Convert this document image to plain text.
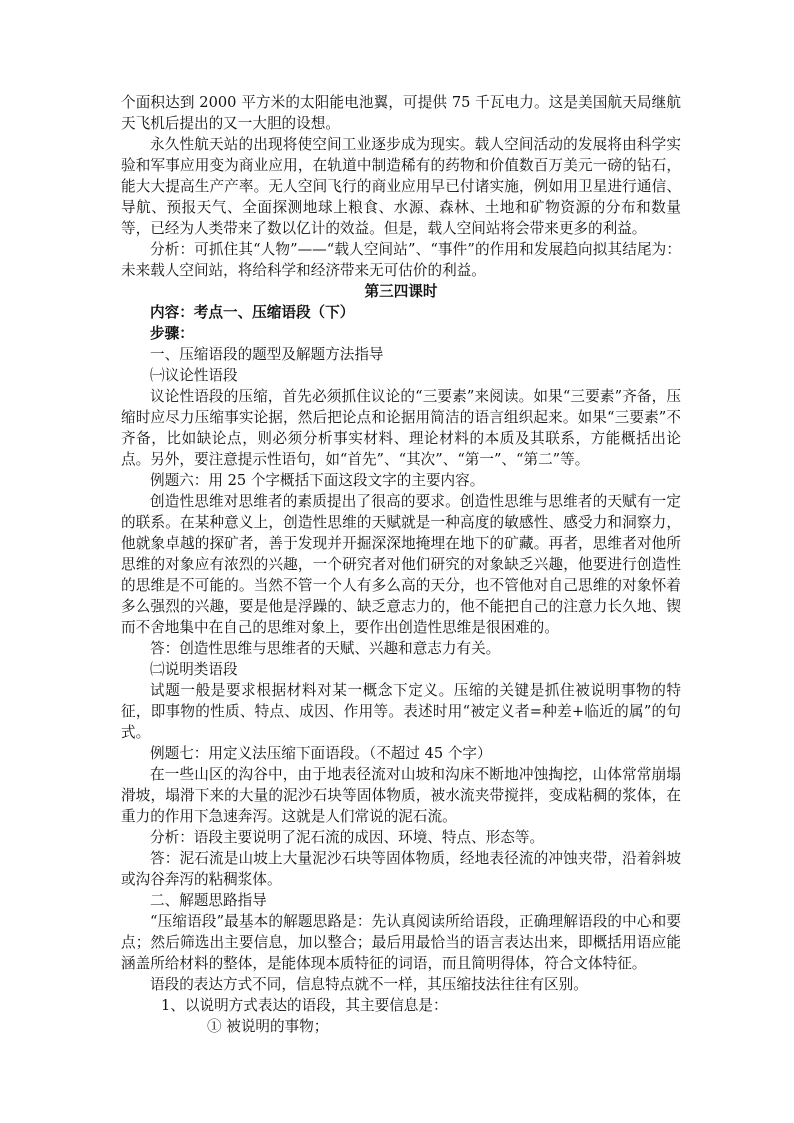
个面积达到 2000 平方米的太阳能电池翼，可提供 75 千瓦电力。这是美国航天局继航天飞机后提出的又一大胆的设想。

永久性航天站的出现将使空间工业逐步成为现实。载人空间活动的发展将由科学实验和军事应用变为商业应用，在轨道中制造稀有的药物和价值数百万美元一磅的钻石，能大大提高生产产率。无人空间飞行的商业应用早已付诸实施，例如用卫星进行通信、导航、预报天气、全面探测地球上粮食、水源、森林、土地和矿物资源的分布和数量等，已经为人类带来了数以亿计的效益。但是，载人空间站将会带来更多的利益。

分析：可抓住其“人物”——“载人空间站”、“事件”的作用和发展趋向拟其结尾为：未来载人空间站，将给科学和经济带来无可估价的利益。

第三四课时

内容：考点一、压缩语段（下）

步骤：

一、压缩语段的题型及解题方法指导

㈠议论性语段

议论性语段的压缩，首先必须抓住议论的“三要素”来阅读。如果“三要素”齐备，压缩时应尽力压缩事实论据，然后把论点和论据用简洁的语言组织起来。如果“三要素”不齐备，比如缺论点，则必须分析事实材料、理论材料的本质及其联系，方能概括出论点。另外，要注意提示性语句，如“首先”、“其次”、“第一”、“第二”等。

例题六：用 25 个字概括下面这段文字的主要内容。

创造性思维对思维者的素质提出了很高的要求。创造性思维与思维者的天赋有一定的联系。在某种意义上，创造性思维的天赋就是一种高度的敏感性、感受力和洞察力，他就象卓越的探矿者，善于发现并开掘深深地掩埋在地下的矿藏。再者，思维者对他所思维的对象应有浓烈的兴趣，一个研究者对他们研究的对象缺乏兴趣，他要进行创造性的思维是不可能的。当然不管一个人有多么高的天分，也不管他对自己思维的对象怀着多么强烈的兴趣，要是他是浮躁的、缺乏意志力的，他不能把自己的注意力长久地、锲而不舍地集中在自己的思维对象上，要作出创造性思维是很困难的。

答：创造性思维与思维者的天赋、兴趣和意志力有关。

㈡说明类语段

试题一般是要求根据材料对某一概念下定义。压缩的关键是抓住被说明事物的特征，即事物的性质、特点、成因、作用等。表述时用“被定义者=种差+临近的属”的句式。

例题七：用定义法压缩下面语段。（不超过 45 个字）

在一些山区的沟谷中，由于地表径流对山坡和沟床不断地冲蚀掏挖，山体常常崩塌滑坡，塌滑下来的大量的泥沙石块等固体物质，被水流夹带搅拌，变成粘稠的浆体，在重力的作用下急速奔泻。这就是人们常说的泥石流。

分析：语段主要说明了泥石流的成因、环境、特点、形态等。

答：泥石流是山坡上大量泥沙石块等固体物质，经地表径流的冲蚀夹带，沿着斜坡或沟谷奔泻的粘稠浆体。

二、解题思路指导

“压缩语段”最基本的解题思路是：先认真阅读所给语段，正确理解语段的中心和要点；然后筛选出主要信息，加以整合；最后用最恰当的语言表达出来，即概括用语应能涵盖所给材料的整体，是能体现本质特征的词语，而且简明得体，符合文体特征。

语段的表达方式不同，信息特点就不一样，其压缩技法往往有区别。

1、以说明方式表达的语段，其主要信息是：

① 被说明的事物；
